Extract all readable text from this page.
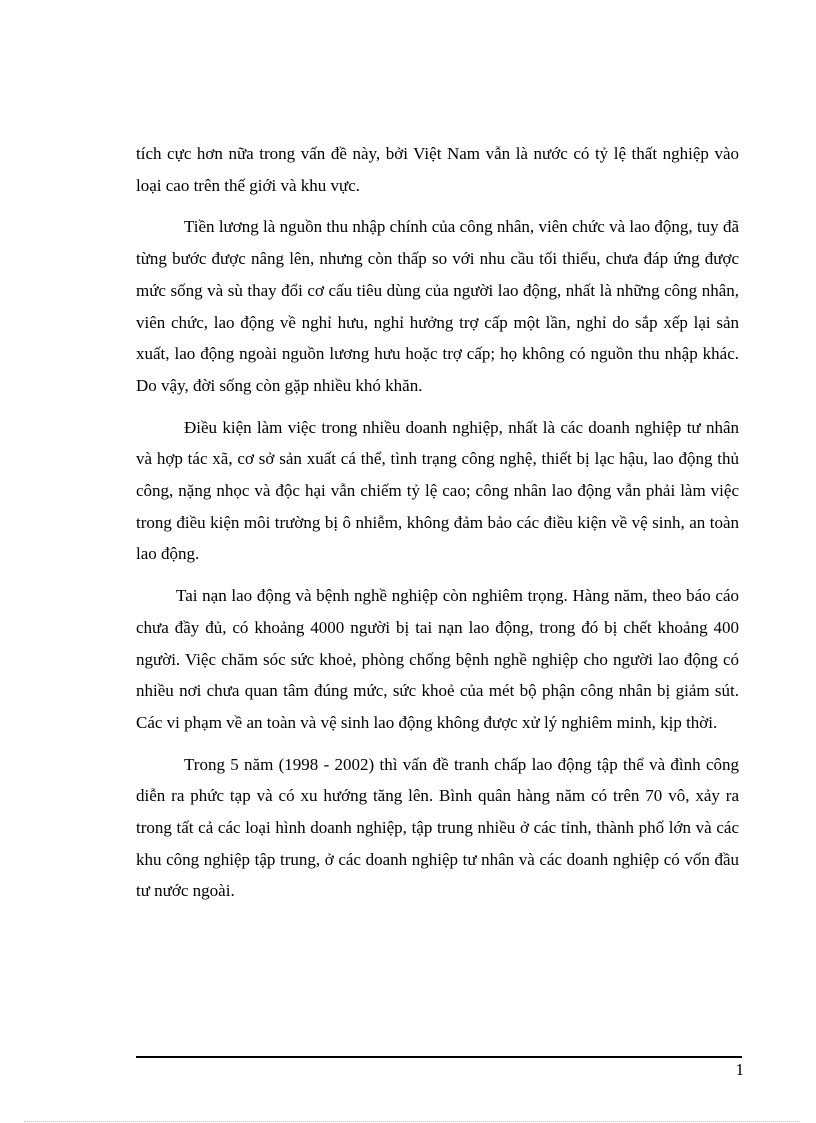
tích cực hơn nữa trong vấn đề này, bởi Việt Nam vẫn là nước có tỷ lệ thất nghiệp vào loại cao trên thế giới và khu vực.

Tiền lương là nguồn thu nhập chính của công nhân, viên chức và lao động, tuy đã từng bước được nâng lên, nhưng còn thấp so với nhu cầu tối thiểu, chưa đáp ứng được mức sống và sù thay đổi cơ cấu tiêu dùng của người lao động, nhất là những công nhân, viên chức, lao động về nghỉ hưu, nghỉ hưởng trợ cấp một lần, nghỉ do sắp xếp lại sản xuất, lao động ngoài nguồn lương hưu hoặc trợ cấp; họ không có nguồn thu nhập khác. Do vậy, đời sống còn gặp nhiều khó khăn.

Điều kiện làm việc trong nhiều doanh nghiệp, nhất là các doanh nghiệp tư nhân và hợp tác xã, cơ sở sản xuất cá thể, tình trạng công nghệ, thiết bị lạc hậu, lao động thủ công, nặng nhọc và độc hại vẫn chiếm tỷ lệ cao; công nhân lao động vẫn phải làm việc trong điều kiện môi trường bị ô nhiễm, không đảm bảo các điều kiện về vệ sinh, an toàn lao động.

Tai nạn lao động và bệnh nghề nghiệp còn nghiêm trọng. Hàng năm, theo báo cáo chưa đầy đủ, có khoảng 4000 người bị tai nạn lao động, trong đó bị chết khoảng 400 người. Việc chăm sóc sức khoẻ, phòng chống bệnh nghề nghiệp cho người lao động có nhiều nơi chưa quan tâm đúng mức, sức khoẻ của mét bộ phận công nhân bị giảm sút. Các vi phạm về an toàn và vệ sinh lao động không được xử lý nghiêm minh, kịp thời.

Trong 5 năm (1998 - 2002) thì vấn đề tranh chấp lao động tập thể và đình công diễn ra phức tạp và có xu hướng tăng lên. Bình quân hàng năm có trên 70 vô, xảy ra trong tất cả các loại hình doanh nghiệp, tập trung nhiều ở các tỉnh, thành phố lớn và các khu công nghiệp tập trung, ở các doanh nghiệp tư nhân và các doanh nghiệp có vốn đầu tư nước ngoài.

1
